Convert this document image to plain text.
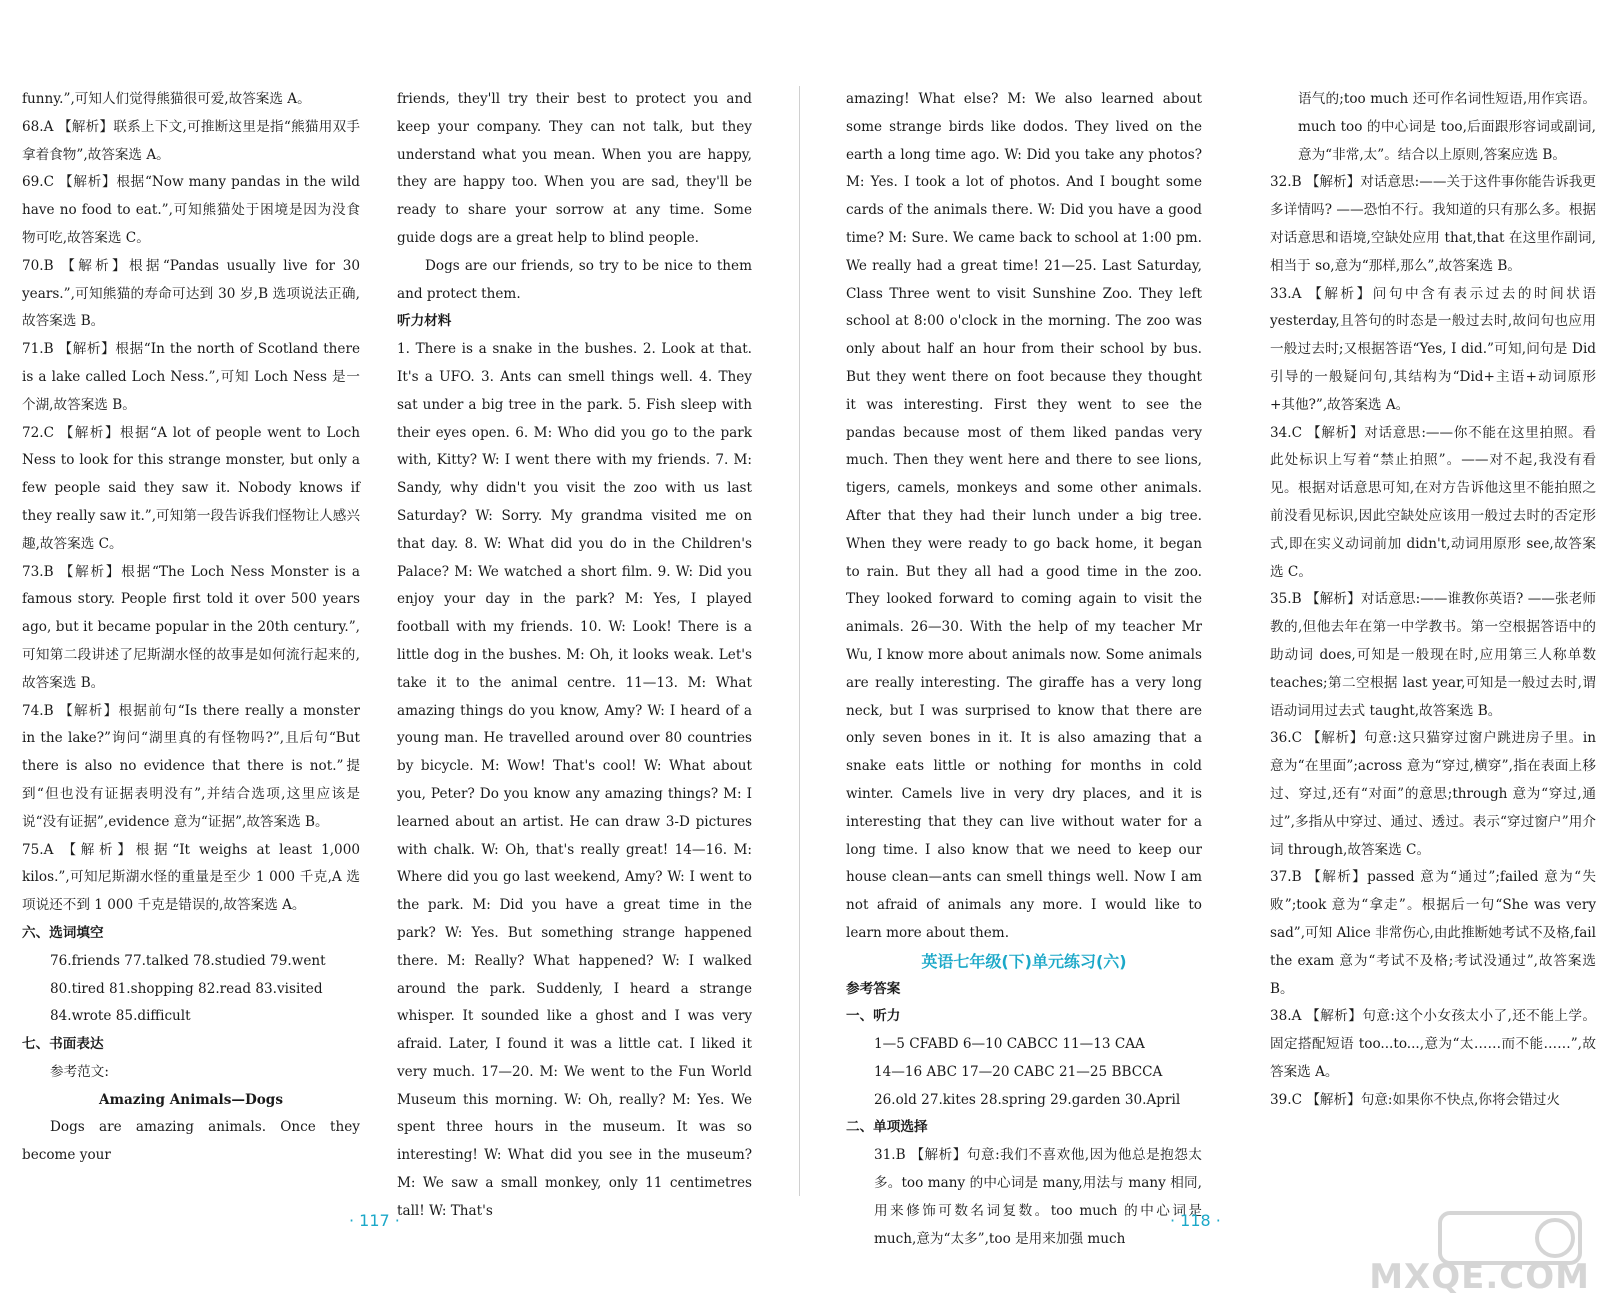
funny.”,可知人们觉得熊猫很可爱,故答案选 A。

68.A 【解析】联系上下文,可推断这里是指“熊猫用双手拿着食物”,故答案选 A。

69.C 【解析】根据“Now many pandas in the wild have no food to eat.”,可知熊猫处于困境是因为没食物可吃,故答案选 C。

70.B 【解析】根据“Pandas usually live for 30 years.”,可知熊猫的寿命可达到 30 岁,B 选项说法正确,故答案选 B。

71.B 【解析】根据“In the north of Scotland there is a lake called Loch Ness.”,可知 Loch Ness 是一个湖,故答案选 B。

72.C 【解析】根据“A lot of people went to Loch Ness to look for this strange monster, but only a few people said they saw it. Nobody knows if they really saw it.”,可知第一段告诉我们怪物让人感兴趣,故答案选 C。

73.B 【解析】根据“The Loch Ness Monster is a famous story. People first told it over 500 years ago, but it became popular in the 20th century.”,可知第二段讲述了尼斯湖水怪的故事是如何流行起来的,故答案选 B。

74.B 【解析】根据前句“Is there really a monster in the lake?”询问“湖里真的有怪物吗?”,且后句“But there is also no evidence that there is not.”提到“但也没有证据表明没有”,并结合选项,这里应该是说“没有证据”,evidence 意为“证据”,故答案选 B。

75.A 【解析】根据“It weighs at least 1,000 kilos.”,可知尼斯湖水怪的重量是至少 1 000 千克,A 选项说还不到 1 000 千克是错误的,故答案选 A。

六、选词填空

76.friends 77.talked 78.studied 79.went

80.tired 81.shopping 82.read 83.visited

84.wrote 85.difficult

七、书面表达

参考范文:

Amazing Animals—Dogs

Dogs are amazing animals. Once they become your

friends, they'll try their best to protect you and keep your company. They can not talk, but they understand what you mean. When you are happy, they are happy too. When you are sad, they'll be ready to share your sorrow at any time. Some guide dogs are a great help to blind people.

Dogs are our friends, so try to be nice to them and protect them.

听力材料

1. There is a snake in the bushes. 2. Look at that. It's a UFO. 3. Ants can smell things well. 4. They sat under a big tree in the park. 5. Fish sleep with their eyes open. 6. M: Who did you go to the park with, Kitty? W: I went there with my friends. 7. M: Sandy, why didn't you visit the zoo with us last Saturday? W: Sorry. My grandma visited me on that day. 8. W: What did you do in the Children's Palace? M: We watched a short film. 9. W: Did you enjoy your day in the park? M: Yes, I played football with my friends. 10. W: Look! There is a little dog in the bushes. M: Oh, it looks weak. Let's take it to the animal centre. 11—13. M: What amazing things do you know, Amy? W: I heard of a young man. He travelled around over 80 countries by bicycle. M: Wow! That's cool! W: What about you, Peter? Do you know any amazing things? M: I learned about an artist. He can draw 3-D pictures with chalk. W: Oh, that's really great! 14—16. M: Where did you go last weekend, Amy? W: I went to the park. M: Did you have a great time in the park? W: Yes. But something strange happened there. M: Really? What happened? W: I walked around the park. Suddenly, I heard a strange whisper. It sounded like a ghost and I was very afraid. Later, I found it was a little cat. I liked it very much. 17—20. M: We went to the Fun World Museum this morning. W: Oh, really? M: Yes. We spent three hours in the museum. It was so interesting! W: What did you see in the museum? M: We saw a small monkey, only 11 centimetres tall! W: That's

· 117 ·

amazing! What else? M: We also learned about some strange birds like dodos. They lived on the earth a long time ago. W: Did you take any photos? M: Yes. I took a lot of photos. And I bought some cards of the animals there. W: Did you have a good time? M: Sure. We came back to school at 1:00 pm. We really had a great time! 21—25. Last Saturday, Class Three went to visit Sunshine Zoo. They left school at 8:00 o'clock in the morning. The zoo was only about half an hour from their school by bus. But they went there on foot because they thought it was interesting. First they went to see the pandas because most of them liked pandas very much. Then they went here and there to see lions, tigers, camels, monkeys and some other animals. After that they had their lunch under a big tree. When they were ready to go back home, it began to rain. But they all had a good time in the zoo. They looked forward to coming again to visit the animals. 26—30. With the help of my teacher Mr Wu, I know more about animals now. Some animals are really interesting. The giraffe has a very long neck, but I was surprised to know that there are only seven bones in it. It is also amazing that a snake eats little or nothing for months in cold winter. Camels live in very dry places, and it is interesting that they can live without water for a long time. I also know that we need to keep our house clean—ants can smell things well. Now I am not afraid of animals any more. I would like to learn more about them.

英语七年级(下)单元练习(六)

参考答案

一、听力

1—5 CFABD 6—10 CABCC 11—13 CAA

14—16 ABC 17—20 CABC 21—25 BBCCA

26.old 27.kites 28.spring 29.garden 30.April

二、单项选择

31.B 【解析】句意:我们不喜欢他,因为他总是抱怨太多。too many 的中心词是 many,用法与 many 相同,用来修饰可数名词复数。too much 的中心词是 much,意为“太多”,too 是用来加强 much

语气的;too much 还可作名词性短语,用作宾语。much too 的中心词是 too,后面跟形容词或副词,意为“非常,太”。结合以上原则,答案应选 B。

32.B 【解析】对话意思:——关于这件事你能告诉我更多详情吗? ——恐怕不行。我知道的只有那么多。根据对话意思和语境,空缺处应用 that,that 在这里作副词,相当于 so,意为“那样,那么”,故答案选 B。

33.A 【解析】问句中含有表示过去的时间状语 yesterday,且答句的时态是一般过去时,故问句也应用一般过去时;又根据答语“Yes, I did.”可知,问句是 Did 引导的一般疑问句,其结构为“Did+主语+动词原形+其他?”,故答案选 A。

34.C 【解析】对话意思:——你不能在这里拍照。看此处标识上写着“禁止拍照”。——对不起,我没有看见。根据对话意思可知,在对方告诉他这里不能拍照之前没看见标识,因此空缺处应该用一般过去时的否定形式,即在实义动词前加 didn't,动词用原形 see,故答案选 C。

35.B 【解析】对话意思:——谁教你英语? ——张老师教的,但他去年在第一中学教书。第一空根据答语中的助动词 does,可知是一般现在时,应用第三人称单数 teaches;第二空根据 last year,可知是一般过去时,谓语动词用过去式 taught,故答案选 B。

36.C 【解析】句意:这只猫穿过窗户跳进房子里。in 意为“在里面”;across 意为“穿过,横穿”,指在表面上移过、穿过,还有“对面”的意思;through 意为“穿过,通过”,多指从中穿过、通过、透过。表示“穿过窗户”用介词 through,故答案选 C。

37.B 【解析】passed 意为“通过”;failed 意为“失败”;took 意为“拿走”。根据后一句“She was very sad”,可知 Alice 非常伤心,由此推断她考试不及格,fail the exam 意为“考试不及格;考试没通过”,故答案选 B。

38.A 【解析】句意:这个小女孩太小了,还不能上学。固定搭配短语 too...to...,意为“太……而不能……”,故答案选 A。

39.C 【解析】句意:如果你不快点,你将会错过火

· 118 ·
MXQE.COM
